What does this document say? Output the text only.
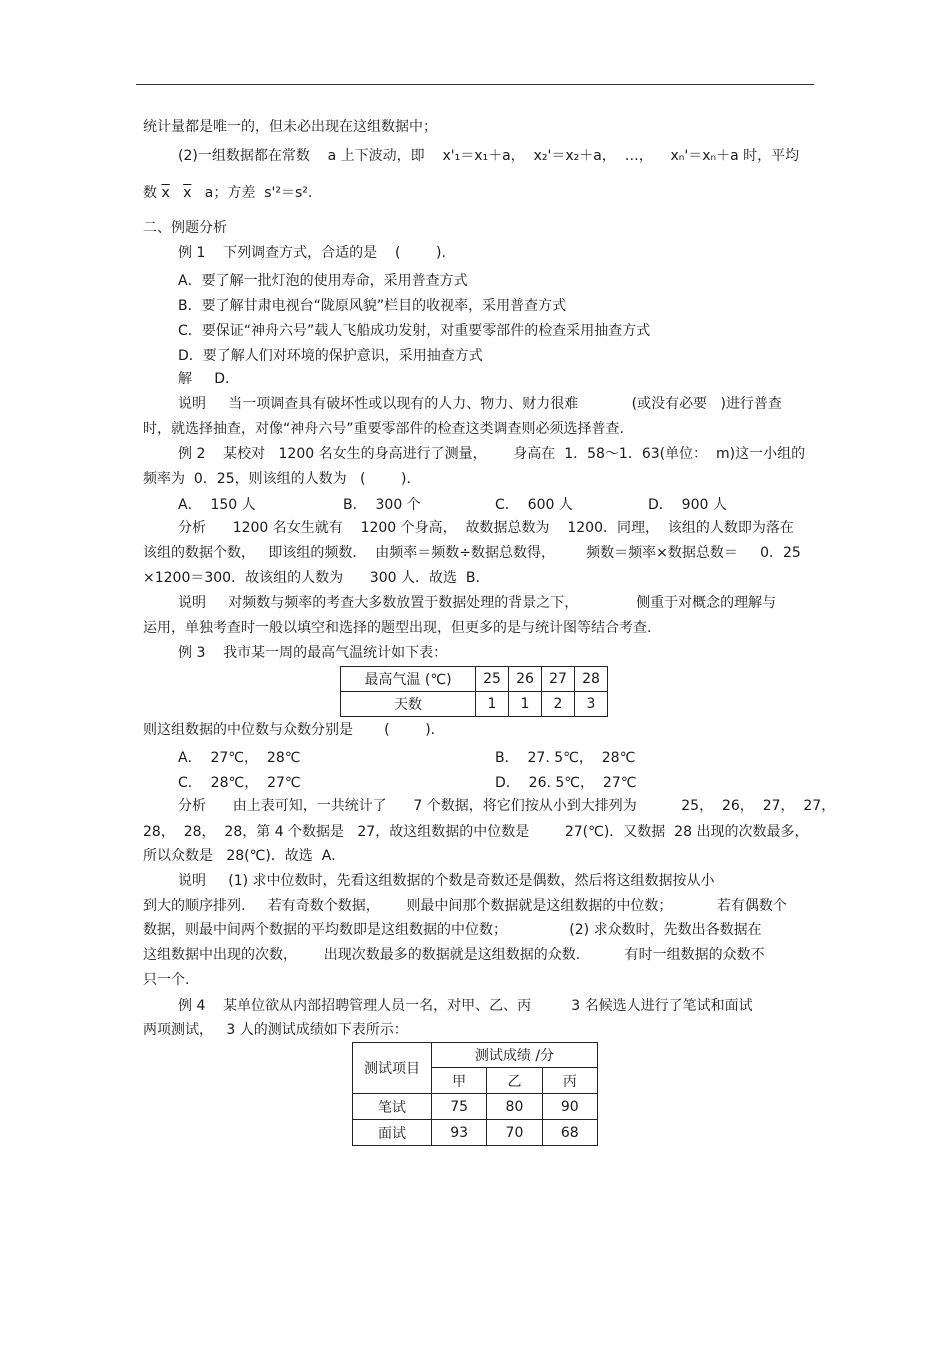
统计量都是唯一的，但未必出现在这组数据中；
(2)一组数据都在常数    a 上下波动，即    x'₁＝x₁＋a，  x₂'＝x₂＋a，  …，    xₙ'＝xₙ＋a 时，平均
数 $\overline{x}$ $\overline{x}$   a；方差  s'²＝s².
二、例题分析
例 1    下列调查方式，合适的是    (        ).
A．要了解一批灯泡的使用寿命，采用普查方式
B．要了解甘肃电视台“陇原风貌”栏目的收视率，采用普查方式
C．要保证“神舟六号”载人飞船成功发射，对重要零部件的检查采用抽查方式
D．要了解人们对环境的保护意识，采用抽查方式
解     D．
说明     当一项调查具有破坏性或以现有的人力、物力、财力很难            (或没有必要   )进行普查
时，就选择抽查，对像“神舟六号”重要零部件的检查这类调查则必须选择普查.
例 2    某校对   1200 名女生的身高进行了测量，      身高在  1．58～1．63(单位：  m)这一小组的
频率为  0．25，则该组的人数为   (        )．
A．  150 人	B．  300 个	C．  600 人	D．  900 人
分析      1200 名女生就有    1200 个身高，  故数据总数为    1200．同理，  该组的人数即为落在
该组的数据个数，   即该组的频数．  由频率＝频数÷数据总数得，       频数＝频率×数据总数＝     0．25
×1200＝300．故该组的人数为      300 人．故选  B．
说明     对频数与频率的考查大多数放置于数据处理的背景之下，             侧重于对概念的理解与
运用，单独考查时一般以填空和选择的题型出现，但更多的是与统计图等结合考查.
例 3    我市某一周的最高气温统计如下表：
最高气温 (℃)	25	26	27	28
天数	1	1	2	3
则这组数据的中位数与众数分别是       (        )．
A．  27℃，  28℃	B．  27. 5℃，  28℃
C．  28℃，  27℃	D．  26. 5℃，  27℃
分析      由上表可知，一共统计了      7 个数据，将它们按从小到大排列为          25，  26，  27，  27，
28，  28，  28，第 4 个数据是   27，故这组数据的中位数是        27(℃)．又数据  28 出现的次数最多，
所以众数是   28(℃)．故选  A．
说明     (1) 求中位数时，先看这组数据的个数是奇数还是偶数，然后将这组数据按从小
到大的顺序排列.     若有奇数个数据，      则最中间那个数据就是这组数据的中位数；          若有偶数个
数据，则最中间两个数据的平均数即是这组数据的中位数；              (2) 求众数时，先数出各数据在
这组数据中出现的次数，      出现次数最多的数据就是这组数据的众数.          有时一组数据的众数不
只一个.
例 4    某单位欲从内部招聘管理人员一名，对甲、乙、丙         3 名候选人进行了笔试和面试
两项测试，   3 人的测试成绩如下表所示：
测试项目	测试成绩 /分		
	甲	乙	丙
笔试	75	80	90
面试	93	70	68
